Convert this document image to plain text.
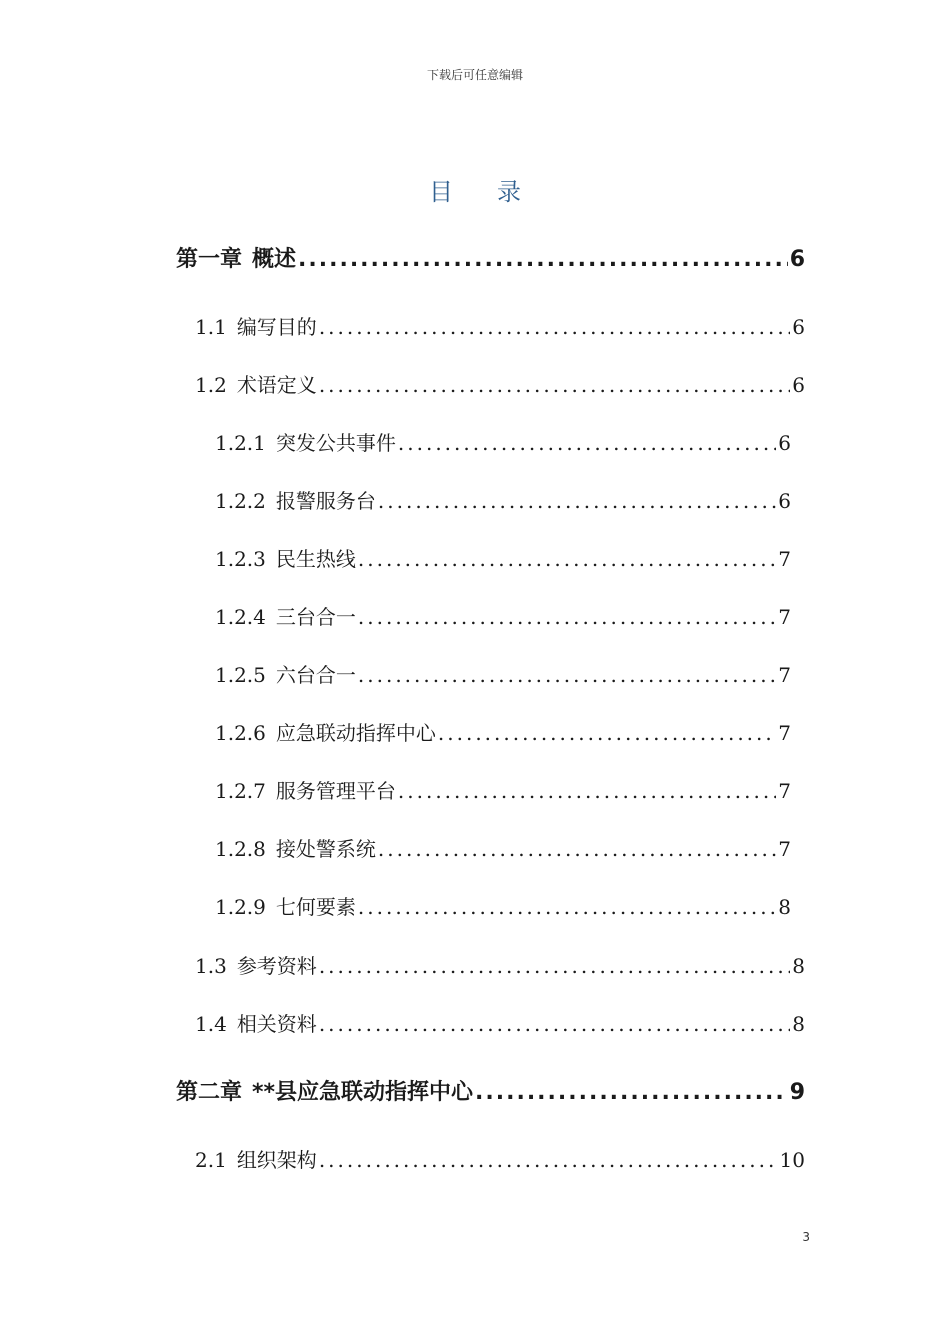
下载后可任意编辑
目录
第一章 概述 .....	6
1.1 编写目的 .....	6
1.2 术语定义 .....	6
1.2.1 突发公共事件 .....	6
1.2.2 报警服务台 .....	6
1.2.3 民生热线 .....	7
1.2.4 三台合一 .....	7
1.2.5 六台合一 .....	7
1.2.6 应急联动指挥中心 .....	7
1.2.7 服务管理平台 .....	7
1.2.8 接处警系统 .....	7
1.2.9 七何要素 .....	8
1.3 参考资料 .....	8
1.4 相关资料 .....	8
第二章 **县应急联动指挥中心 .....	9
2.1 组织架构 .....	10
3
